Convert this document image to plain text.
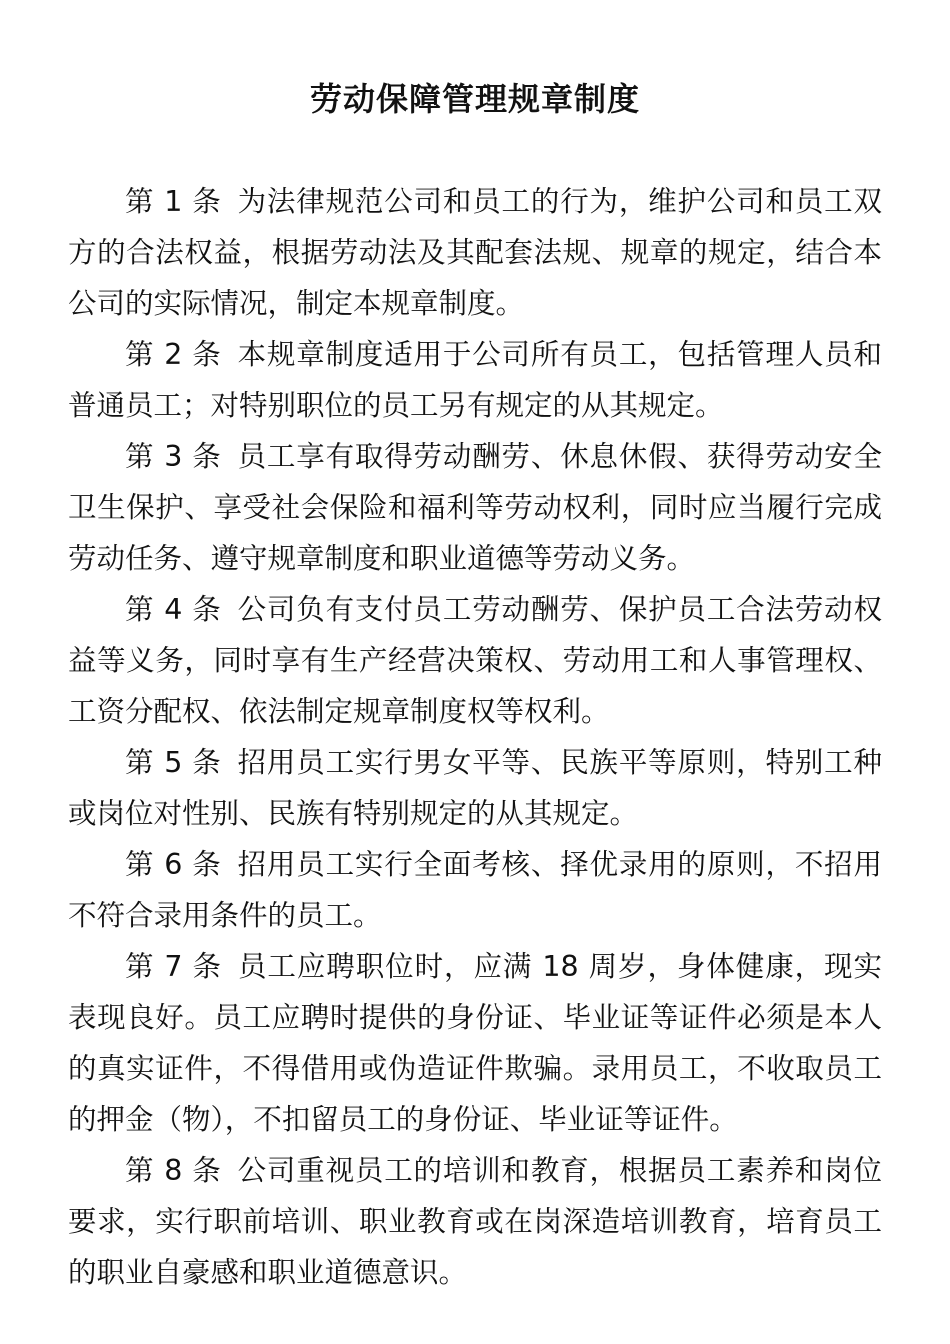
劳动保障管理规章制度

第 1 条 为法律规范公司和员工的行为，维护公司和员工双方的合法权益，根据劳动法及其配套法规、规章的规定，结合本公司的实际情况，制定本规章制度。

第 2 条 本规章制度适用于公司所有员工，包括管理人员和普通员工；对特别职位的员工另有规定的从其规定。

第 3 条 员工享有取得劳动酬劳、休息休假、获得劳动安全卫生保护、享受社会保险和福利等劳动权利，同时应当履行完成劳动任务、遵守规章制度和职业道德等劳动义务。

第 4 条 公司负有支付员工劳动酬劳、保护员工合法劳动权益等义务，同时享有生产经营决策权、劳动用工和人事管理权、工资分配权、依法制定规章制度权等权利。

第 5 条 招用员工实行男女平等、民族平等原则，特别工种或岗位对性别、民族有特别规定的从其规定。

第 6 条 招用员工实行全面考核、择优录用的原则，不招用不符合录用条件的员工。

第 7 条 员工应聘职位时，应满 18 周岁，身体健康，现实表现良好。员工应聘时提供的身份证、毕业证等证件必须是本人的真实证件，不得借用或伪造证件欺骗。录用员工，不收取员工的押金（物），不扣留员工的身份证、毕业证等证件。

第 8 条 公司重视员工的培训和教育，根据员工素养和岗位要求，实行职前培训、职业教育或在岗深造培训教育，培育员工的职业自豪感和职业道德意识。
